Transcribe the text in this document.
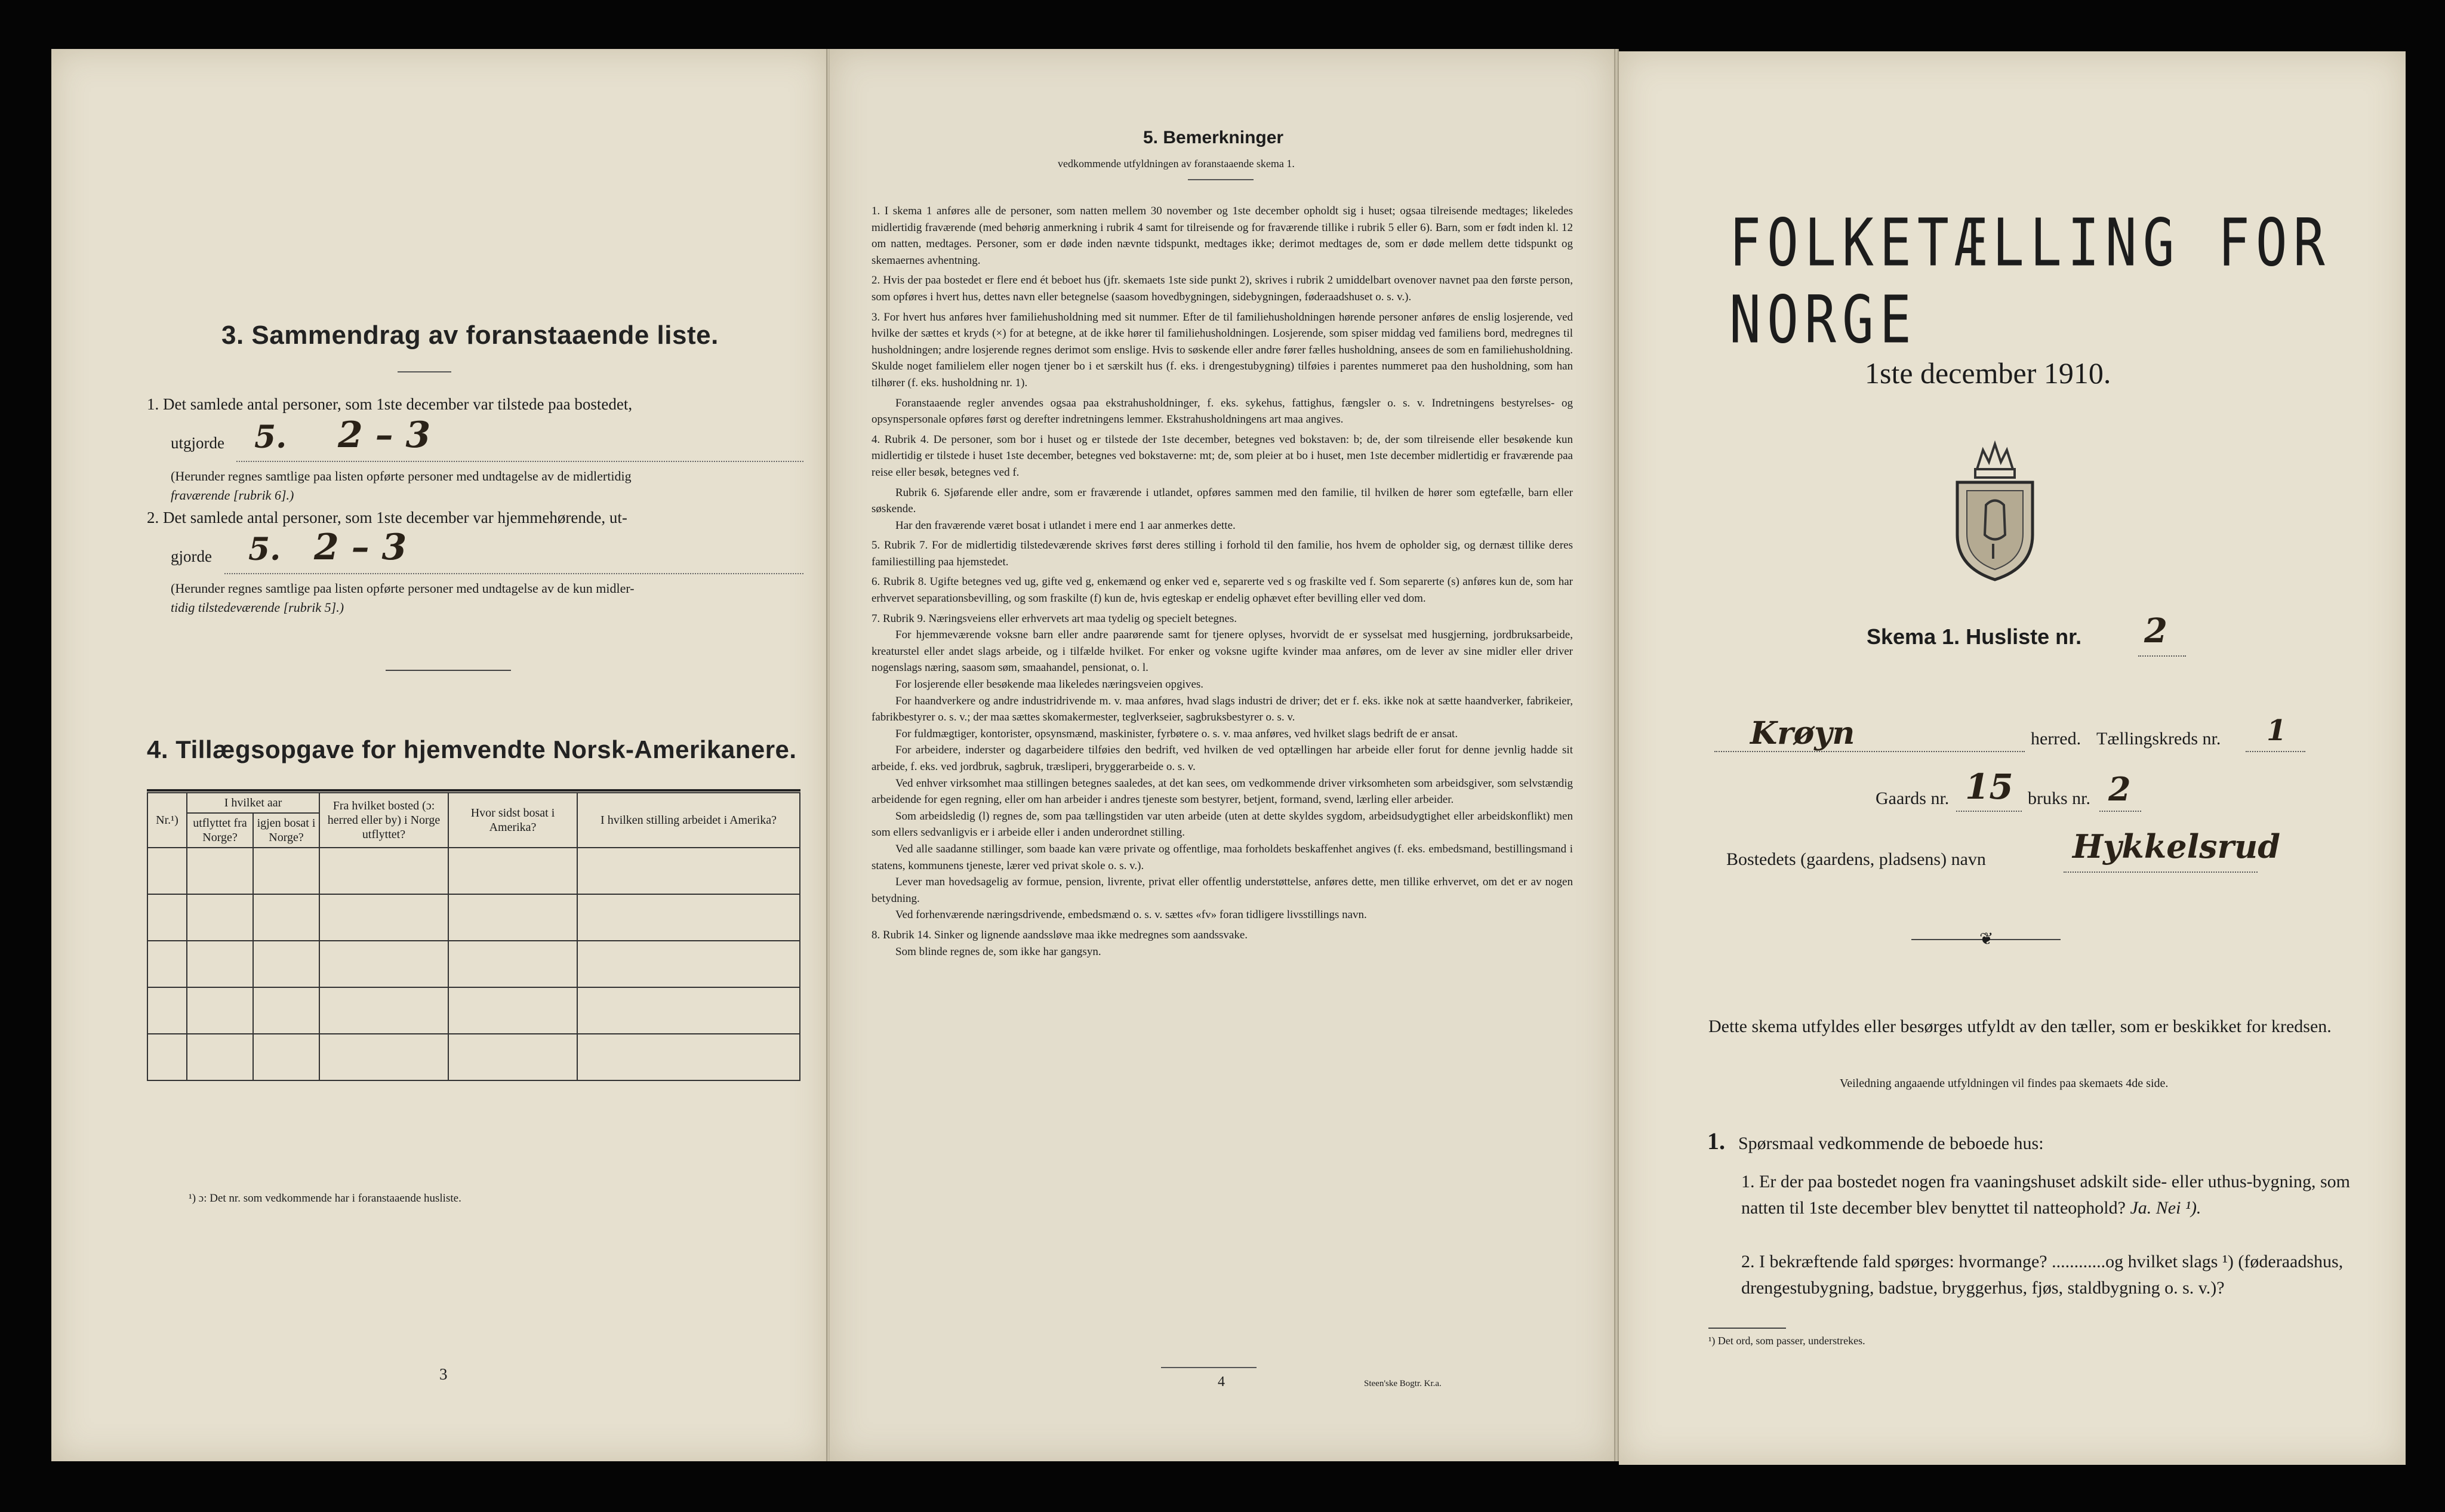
3. Sammendrag av foranstaaende liste.
1. Det samlede antal personer, som 1ste december var tilstede paa bostedet,
utgjorde 5. 2 – 3
(Herunder regnes samtlige paa listen opførte personer med undtagelse av de midlertidig
fraværende [rubrik 6].)
2. Det samlede antal personer, som 1ste december var hjemmehørende, ut-
gjorde 5. 2 – 3
(Herunder regnes samtlige paa listen opførte personer med undtagelse av de kun midler-
tidig tilstedeværende [rubrik 5].)
4. Tillægsopgave for hjemvendte Norsk-Amerikanere.
Nr.¹)	I hvilket aar		Fra hvilket bosted (ɔ: herred eller by) i Norge utflyttet?	Hvor sidst bosat i Amerika?	I hvilken stilling arbeidet i Amerika?
	utflyttet fra Norge?	igjen bosat i Norge?			

¹) ɔ: Det nr. som vedkommende har i foranstaaende husliste.
3
5. Bemerkninger
vedkommende utfyldningen av foranstaaende skema 1.

1. I skema 1 anføres alle de personer, som natten mellem 30 november og 1ste december opholdt sig i huset; ogsaa tilreisende medtages; likeledes midlertidig fraværende (med behørig anmerkning i rubrik 4 samt for tilreisende og for fraværende tillike i rubrik 5 eller 6). Barn, som er født inden kl. 12 om natten, medtages. Personer, som er døde inden nævnte tidspunkt, medtages ikke; derimot medtages de, som er døde mellem dette tidspunkt og skemaernes avhentning.

2. Hvis der paa bostedet er flere end ét beboet hus (jfr. skemaets 1ste side punkt 2), skrives i rubrik 2 umiddelbart ovenover navnet paa den første person, som opføres i hvert hus, dettes navn eller betegnelse (saasom hovedbygningen, sidebygningen, føderaadshuset o. s. v.).

3. For hvert hus anføres hver familiehusholdning med sit nummer. Efter de til familiehusholdningen hørende personer anføres de enslig losjerende, ved hvilke der sættes et kryds (×) for at betegne, at de ikke hører til familiehusholdningen. Losjerende, som spiser middag ved familiens bord, medregnes til husholdningen; andre losjerende regnes derimot som enslige. Hvis to søskende eller andre fører fælles husholdning, ansees de som en familiehusholdning. Skulde noget familielem eller nogen tjener bo i et særskilt hus (f. eks. i drengestubygning) tilføies i parentes nummeret paa den husholdning, som han tilhører (f. eks. husholdning nr. 1).

Foranstaaende regler anvendes ogsaa paa ekstrahusholdninger, f. eks. sykehus, fattighus, fængsler o. s. v. Indretningens bestyrelses- og opsynspersonale opføres først og derefter indretningens lemmer. Ekstrahusholdningens art maa angives.

4. Rubrik 4. De personer, som bor i huset og er tilstede der 1ste december, betegnes ved bokstaven: b; de, der som tilreisende eller besøkende kun midlertidig er tilstede i huset 1ste december, betegnes ved bokstaverne: mt; de, som pleier at bo i huset, men 1ste december midlertidig er fraværende paa reise eller besøk, betegnes ved f.

Rubrik 6. Sjøfarende eller andre, som er fraværende i utlandet, opføres sammen med den familie, til hvilken de hører som egtefælle, barn eller søskende.

Har den fraværende været bosat i utlandet i mere end 1 aar anmerkes dette.

5. Rubrik 7. For de midlertidig tilstedeværende skrives først deres stilling i forhold til den familie, hos hvem de opholder sig, og dernæst tillike deres familiestilling paa hjemstedet.

6. Rubrik 8. Ugifte betegnes ved ug, gifte ved g, enkemænd og enker ved e, separerte ved s og fraskilte ved f. Som separerte (s) anføres kun de, som har erhvervet separationsbevilling, og som fraskilte (f) kun de, hvis egteskap er endelig ophævet efter bevilling eller ved dom.

7. Rubrik 9. Næringsveiens eller erhvervets art maa tydelig og specielt betegnes.

For hjemmeværende voksne barn eller andre paarørende samt for tjenere oplyses, hvorvidt de er sysselsat med husgjerning, jordbruksarbeide, kreaturstel eller andet slags arbeide, og i tilfælde hvilket. For enker og voksne ugifte kvinder maa anføres, om de lever av sine midler eller driver nogenslags næring, saasom søm, smaahandel, pensionat, o. l.

For losjerende eller besøkende maa likeledes næringsveien opgives.

For haandverkere og andre industridrivende m. v. maa anføres, hvad slags industri de driver; det er f. eks. ikke nok at sætte haandverker, fabrikeier, fabrikbestyrer o. s. v.; der maa sættes skomakermester, teglverkseier, sagbruksbestyrer o. s. v.

For fuldmægtiger, kontorister, opsynsmænd, maskinister, fyrbøtere o. s. v. maa anføres, ved hvilket slags bedrift de er ansat.

For arbeidere, inderster og dagarbeidere tilføies den bedrift, ved hvilken de ved optællingen har arbeide eller forut for denne jevnlig hadde sit arbeide, f. eks. ved jordbruk, sagbruk, træsliperi, bryggerarbeide o. s. v.

Ved enhver virksomhet maa stillingen betegnes saaledes, at det kan sees, om vedkommende driver virksomheten som arbeidsgiver, som selvstændig arbeidende for egen regning, eller om han arbeider i andres tjeneste som bestyrer, betjent, formand, svend, lærling eller arbeider.

Som arbeidsledig (l) regnes de, som paa tællingstiden var uten arbeide (uten at dette skyldes sygdom, arbeidsudygtighet eller arbeidskonflikt) men som ellers sedvanligvis er i arbeide eller i anden underordnet stilling.

Ved alle saadanne stillinger, som baade kan være private og offentlige, maa forholdets beskaffenhet angives (f. eks. embedsmand, bestillingsmand i statens, kommunens tjeneste, lærer ved privat skole o. s. v.).

Lever man hovedsagelig av formue, pension, livrente, privat eller offentlig understøttelse, anføres dette, men tillike erhvervet, om det er av nogen betydning.

Ved forhenværende næringsdrivende, embedsmænd o. s. v. sættes «fv» foran tidligere livsstillings navn.

8. Rubrik 14. Sinker og lignende aandssløve maa ikke medregnes som aandssvake.

Som blinde regnes de, som ikke har gangsyn.

4	Steen'ske Bogtr. Kr.a.
FOLKETÆLLING FOR NORGE
1ste december 1910.
Skema 1. Husliste nr. 2
Krøyn	herred. Tællingskreds nr. 1
Gaards nr. 15 bruks nr. 2
Bostedets (gaardens, pladsens) navn	Hykkelsrud
❦
Dette skema utfyldes eller besørges utfyldt av den tæller, som er beskikket for kredsen.
Veiledning angaaende utfyldningen vil findes paa skemaets 4de side.
1. Spørsmaal vedkommende de beboede hus:
1. Er der paa bostedet nogen fra vaaningshuset adskilt side- eller uthus-bygning, som natten til 1ste december blev benyttet til natteophold? Ja. Nei ¹).
2. I bekræftende fald spørges: hvormange? ............og hvilket slags ¹) (føderaadshus, drengestubygning, badstue, bryggerhus, fjøs, staldbygning o. s. v.)?
¹) Det ord, som passer, understrekes.
